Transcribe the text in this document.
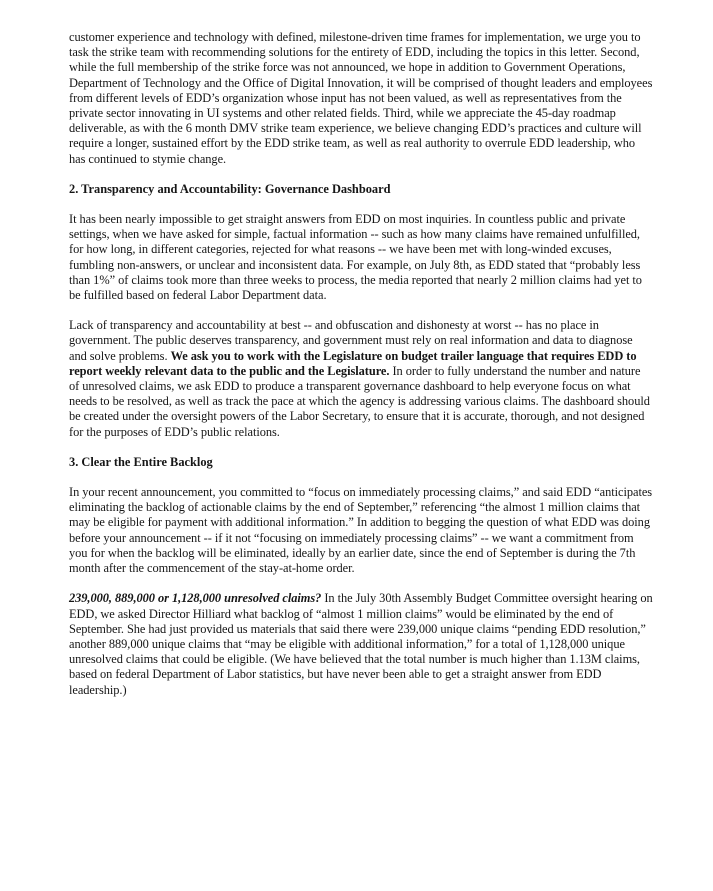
customer experience and technology with defined, milestone-driven time frames for implementation, we urge you to task the strike team with recommending solutions for the entirety of EDD, including the topics in this letter. Second, while the full membership of the strike force was not announced, we hope in addition to Government Operations, Department of Technology and the Office of Digital Innovation, it will be comprised of thought leaders and employees from different levels of EDD’s organization whose input has not been valued, as well as representatives from the private sector innovating in UI systems and other related fields. Third, while we appreciate the 45-day roadmap deliverable, as with the 6 month DMV strike team experience, we believe changing EDD’s practices and culture will require a longer, sustained effort by the EDD strike team, as well as real authority to overrule EDD leadership, who has continued to stymie change.

2. Transparency and Accountability: Governance Dashboard

It has been nearly impossible to get straight answers from EDD on most inquiries. In countless public and private settings, when we have asked for simple, factual information -- such as how many claims have remained unfulfilled, for how long, in different categories, rejected for what reasons -- we have been met with long-winded excuses, fumbling non-answers, or unclear and inconsistent data. For example, on July 8th, as EDD stated that “probably less than 1%” of claims took more than three weeks to process, the media reported that nearly 2 million claims had yet to be fulfilled based on federal Labor Department data.

Lack of transparency and accountability at best -- and obfuscation and dishonesty at worst -- has no place in government. The public deserves transparency, and government must rely on real information and data to diagnose and solve problems. We ask you to work with the Legislature on budget trailer language that requires EDD to report weekly relevant data to the public and the Legislature. In order to fully understand the number and nature of unresolved claims, we ask EDD to produce a transparent governance dashboard to help everyone focus on what needs to be resolved, as well as track the pace at which the agency is addressing various claims. The dashboard should be created under the oversight powers of the Labor Secretary, to ensure that it is accurate, thorough, and not designed for the purposes of EDD’s public relations.

3. Clear the Entire Backlog

In your recent announcement, you committed to “focus on immediately processing claims,” and said EDD “anticipates eliminating the backlog of actionable claims by the end of September,” referencing “the almost 1 million claims that may be eligible for payment with additional information.” In addition to begging the question of what EDD was doing before your announcement -- if it not “focusing on immediately processing claims” -- we want a commitment from you for when the backlog will be eliminated, ideally by an earlier date, since the end of September is during the 7th month after the commencement of the stay-at-home order.

239,000, 889,000 or 1,128,000 unresolved claims? In the July 30th Assembly Budget Committee oversight hearing on EDD, we asked Director Hilliard what backlog of “almost 1 million claims” would be eliminated by the end of September. She had just provided us materials that said there were 239,000 unique claims “pending EDD resolution,” another 889,000 unique claims that “may be eligible with additional information,” for a total of 1,128,000 unique unresolved claims that could be eligible. (We have believed that the total number is much higher than 1.13M claims, based on federal Department of Labor statistics, but have never been able to get a straight answer from EDD leadership.)
